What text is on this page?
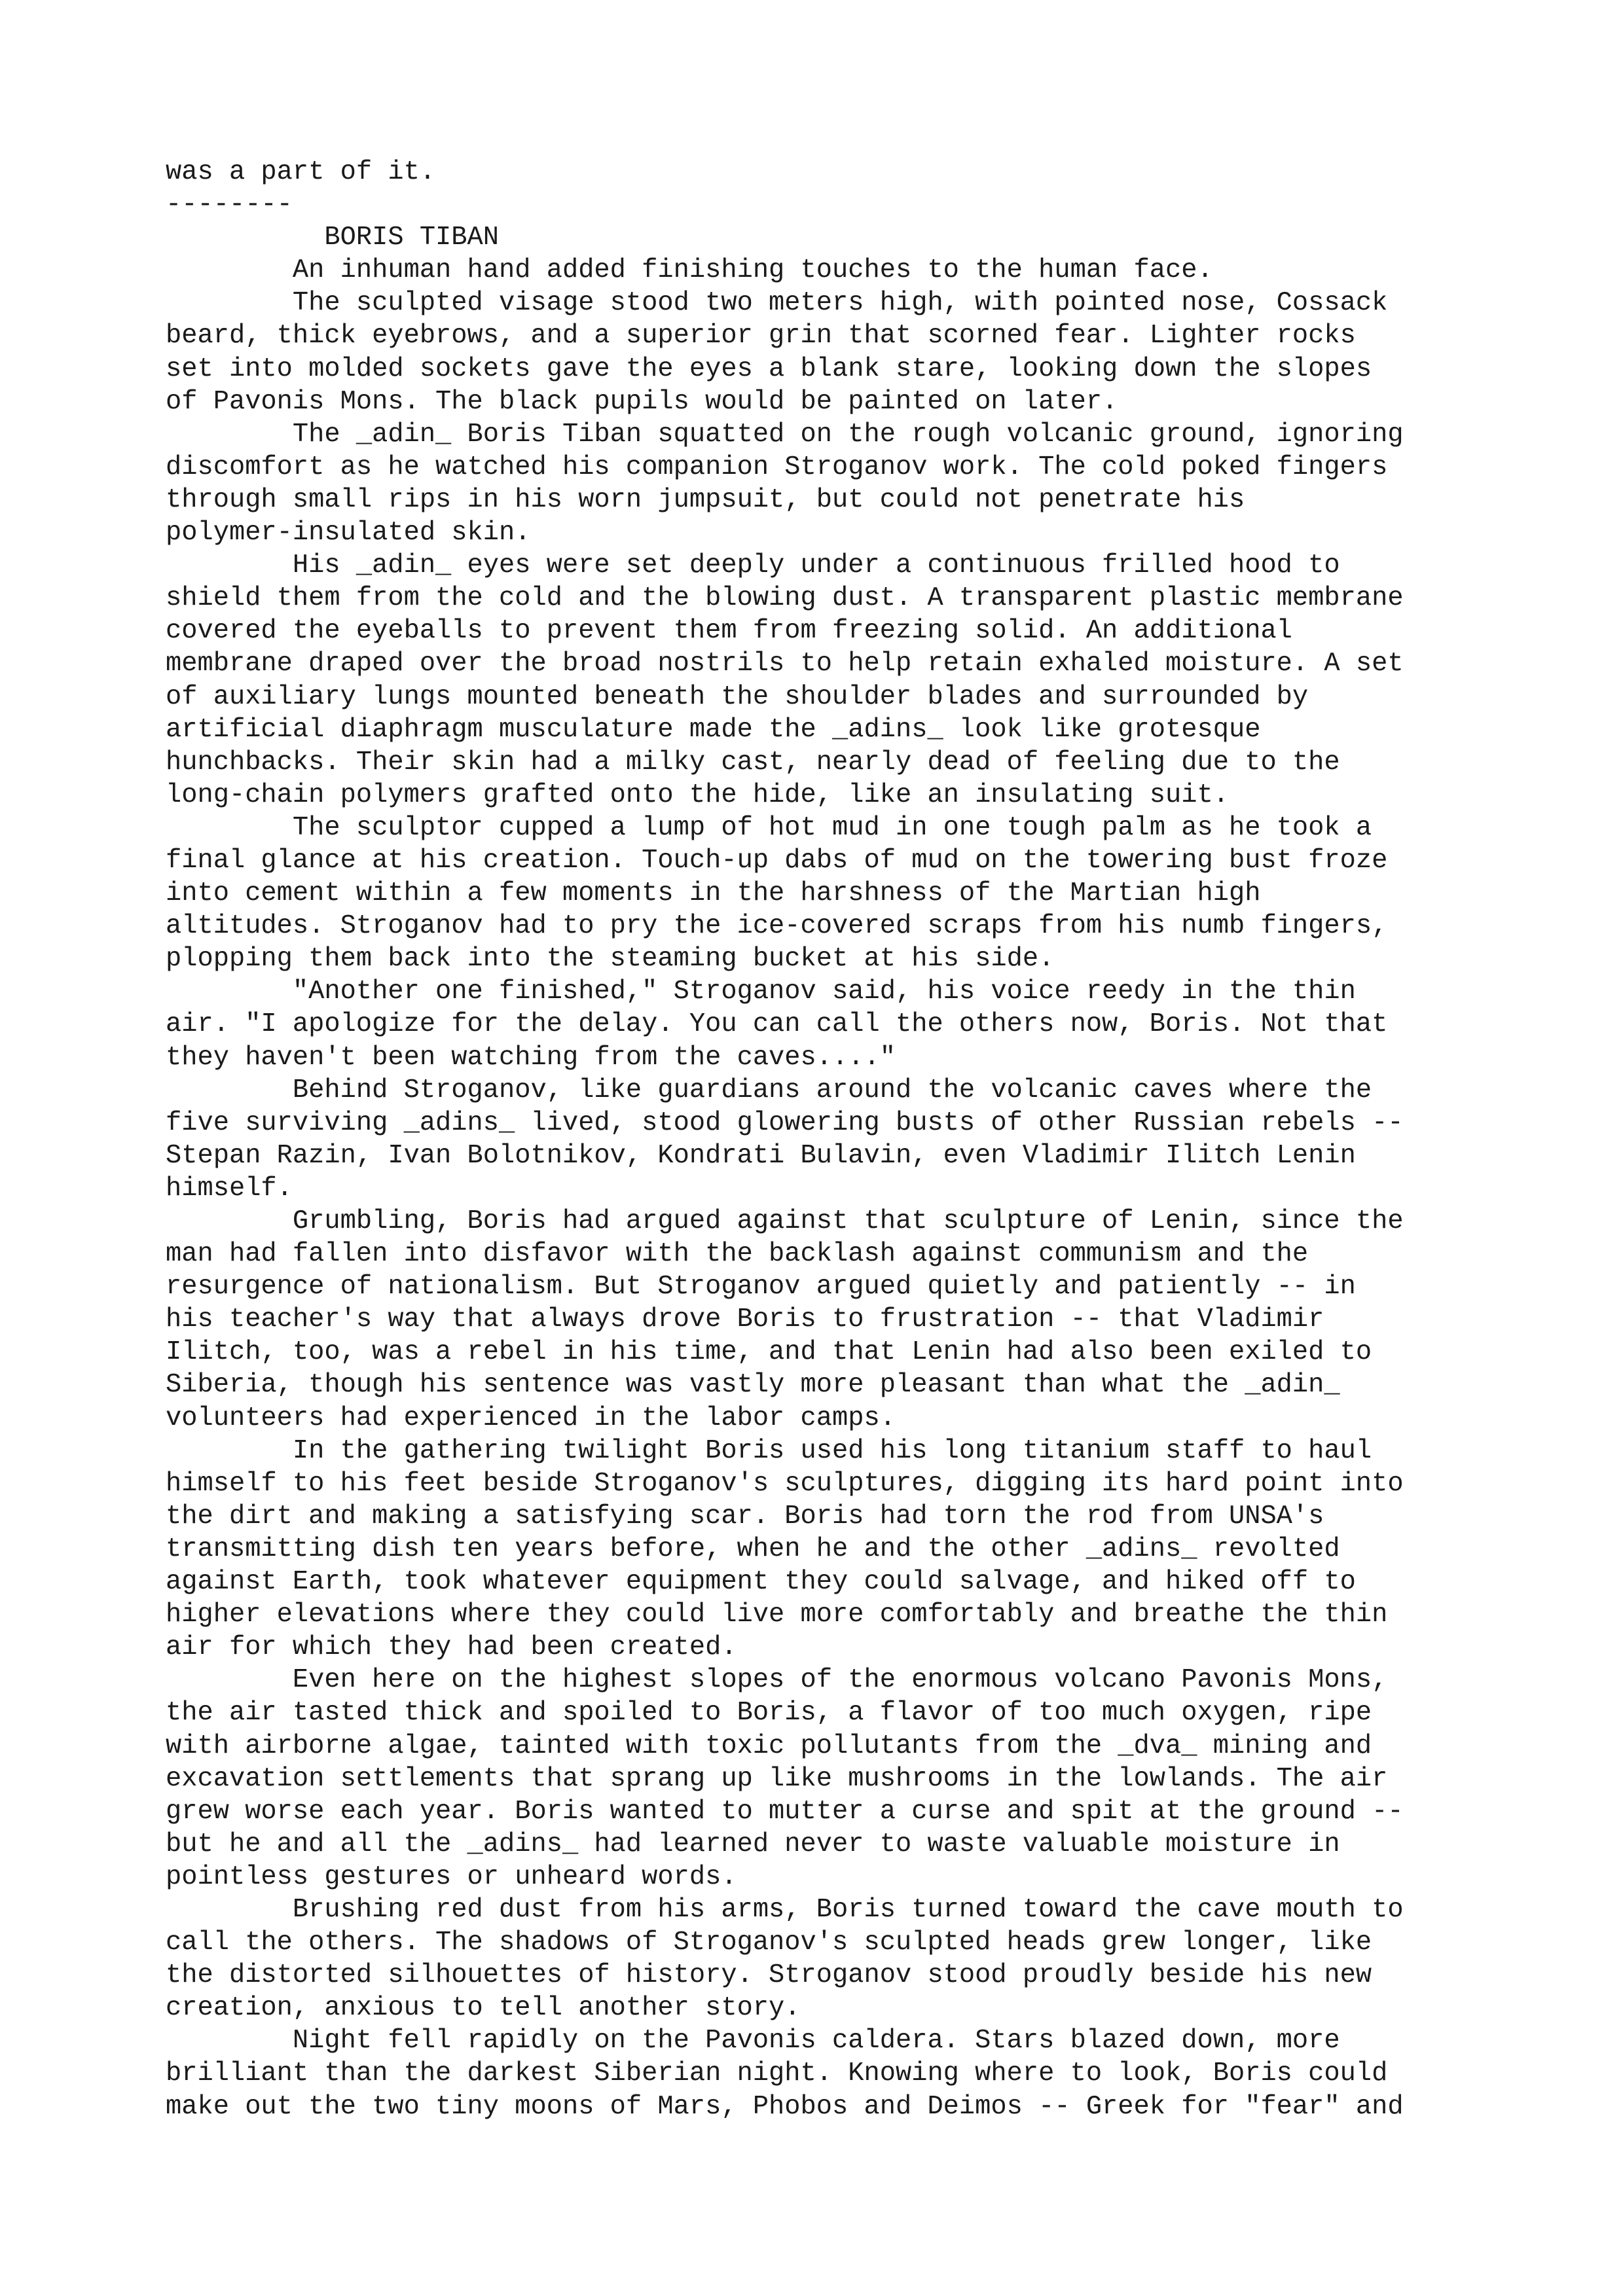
was a part of it.
--------
BORIS TIBAN
An inhuman hand added finishing touches to the human face.
The sculpted visage stood two meters high, with pointed nose, Cossack
beard, thick eyebrows, and a superior grin that scorned fear. Lighter rocks
set into molded sockets gave the eyes a blank stare, looking down the slopes
of Pavonis Mons. The black pupils would be painted on later.
The _adin_ Boris Tiban squatted on the rough volcanic ground, ignoring
discomfort as he watched his companion Stroganov work. The cold poked fingers
through small rips in his worn jumpsuit, but could not penetrate his
polymer-insulated skin.
His _adin_ eyes were set deeply under a continuous frilled hood to
shield them from the cold and the blowing dust. A transparent plastic membrane
covered the eyeballs to prevent them from freezing solid. An additional
membrane draped over the broad nostrils to help retain exhaled moisture. A set
of auxiliary lungs mounted beneath the shoulder blades and surrounded by
artificial diaphragm musculature made the _adins_ look like grotesque
hunchbacks. Their skin had a milky cast, nearly dead of feeling due to the
long-chain polymers grafted onto the hide, like an insulating suit.
The sculptor cupped a lump of hot mud in one tough palm as he took a
final glance at his creation. Touch-up dabs of mud on the towering bust froze
into cement within a few moments in the harshness of the Martian high
altitudes. Stroganov had to pry the ice-covered scraps from his numb fingers,
plopping them back into the steaming bucket at his side.
"Another one finished," Stroganov said, his voice reedy in the thin
air. "I apologize for the delay. You can call the others now, Boris. Not that
they haven't been watching from the caves...."
Behind Stroganov, like guardians around the volcanic caves where the
five surviving _adins_ lived, stood glowering busts of other Russian rebels --
Stepan Razin, Ivan Bolotnikov, Kondrati Bulavin, even Vladimir Ilitch Lenin
himself.
Grumbling, Boris had argued against that sculpture of Lenin, since the
man had fallen into disfavor with the backlash against communism and the
resurgence of nationalism. But Stroganov argued quietly and patiently -- in
his teacher's way that always drove Boris to frustration -- that Vladimir
Ilitch, too, was a rebel in his time, and that Lenin had also been exiled to
Siberia, though his sentence was vastly more pleasant than what the _adin_
volunteers had experienced in the labor camps.
In the gathering twilight Boris used his long titanium staff to haul
himself to his feet beside Stroganov's sculptures, digging its hard point into
the dirt and making a satisfying scar. Boris had torn the rod from UNSA's
transmitting dish ten years before, when he and the other _adins_ revolted
against Earth, took whatever equipment they could salvage, and hiked off to
higher elevations where they could live more comfortably and breathe the thin
air for which they had been created.
Even here on the highest slopes of the enormous volcano Pavonis Mons,
the air tasted thick and spoiled to Boris, a flavor of too much oxygen, ripe
with airborne algae, tainted with toxic pollutants from the _dva_ mining and
excavation settlements that sprang up like mushrooms in the lowlands. The air
grew worse each year. Boris wanted to mutter a curse and spit at the ground --
but he and all the _adins_ had learned never to waste valuable moisture in
pointless gestures or unheard words.
Brushing red dust from his arms, Boris turned toward the cave mouth to
call the others. The shadows of Stroganov's sculpted heads grew longer, like
the distorted silhouettes of history. Stroganov stood proudly beside his new
creation, anxious to tell another story.
Night fell rapidly on the Pavonis caldera. Stars blazed down, more
brilliant than the darkest Siberian night. Knowing where to look, Boris could
make out the two tiny moons of Mars, Phobos and Deimos -- Greek for "fear" and
